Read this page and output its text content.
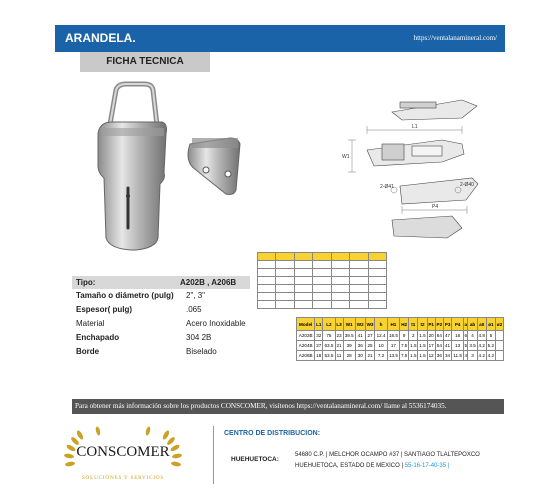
ARANDELA.	https://ventalanamineral.com/
FICHA TECNICA
L1
W1
P4
2-Ø41	2-Ø40
Tipo:	A202B , A206B
Tamaño o diámetro (pulg) 2", 3"
Espesor( pulg)	.065
Material	Acero Inoxidable
Enchapado	304 2B
Borde	Biselado

Model	L1	L2	L3	W1	W2	W3	h	H1	H2	t1	t2	P1	P2	P3	P4	a	ab	a0	ø1	ø2
A202B	32	75	23	39.5	41	27	12.4	18.5	9	2	1.5	20	64	47	16	6	4	4.8	5	
A204B	27	63.5	21	39	36	25	10	17	7.5	1.5	1.5	17	54	41	13	5	3.5	4.2	5.2	
A206B	18	53.5	11	28	30	21	7.2	13.5	7.5	1.5	1.5	12	36	34	11.5	4	3	4.2	4.2	
Para obtener más información sobre los productos CONSCOMER, visítenos https://ventalanamineral.com/ llame al 5536174035.
CONSCOMER
SOLUCIONES Y SERVICIOS
CENTRO DE DISTRIBUCION:
HUEHUETOCA:
54680 C.P. | MELCHOR OCAMPO #37 | SANTIAGO TLALTEPOXCO
HUEHUETOCA, ESTADO DE MEXICO | 55-16-17-40-35 |
